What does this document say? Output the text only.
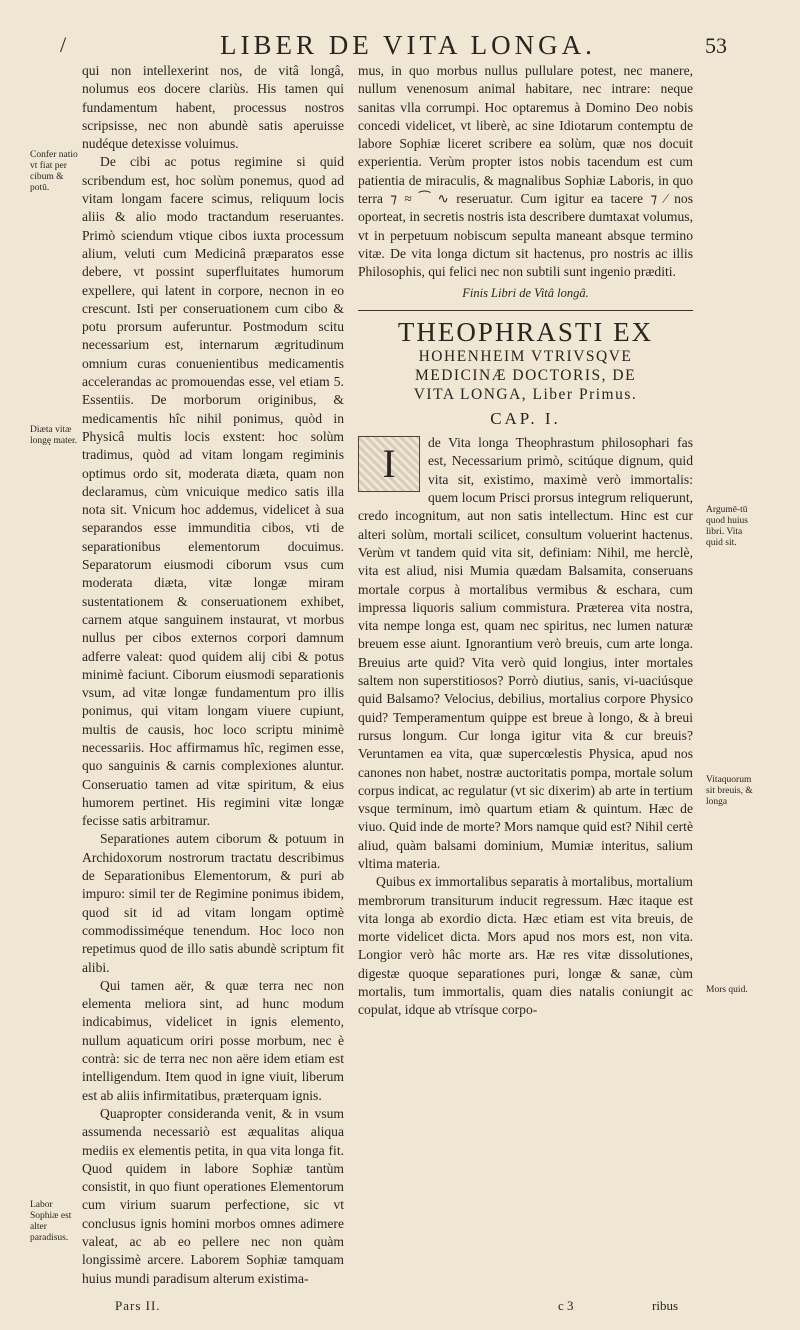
/	LIBER DE VITA LONGA.	53
Confer natio vt fiat per cibum & potū.
Diæta vitæ longę mater.
Labor Sophiæ est alter paradisus.

qui non intellexerint nos, de vitâ longâ, nolumus eos docere clariùs. His tamen qui fundamentum habent, processus nostros scripsisse, nec non abundè satis aperuisse nudéque detexisse voluimus.

De cibi ac potus regimine si quid scribendum est, hoc solùm ponemus, quod ad vitam longam facere scimus, reliquum locis aliis & alio modo tractandum reseruantes. Primò sciendum vtique cibos iuxta processum alium, veluti cum Medicinâ præparatos esse debere, vt possint superfluitates humorum expellere, qui latent in corpore, necnon in eo crescunt. Isti per conseruationem cum cibo & potu prorsum auferuntur. Postmodum scitu necessarium est, internarum ægritudinum omnium curas conuenientibus medicamentis accelerandas ac promouendas esse, vel etiam 5. Essentiis. De morborum originibus, & medicamentis hîc nihil ponimus, quòd in Physicâ multis locis exstent: hoc solùm tradimus, quòd ad vitam longam regiminis optimus ordo sit, moderata diæta, quam non declaramus, cùm vnicuique medico satis illa nota sit. Vnicum hoc addemus, videlicet à sua separandos esse immunditia cibos, vti de separationibus elementorum docuimus. Separatorum eiusmodi ciborum vsus cum moderata diæta, vitæ longæ miram sustentationem & conseruationem exhibet, carnem atque sanguinem instaurat, vt morbus nullus per cibos externos corpori damnum adferre valeat: quod quidem alij cibi & potus minimè faciunt. Ciborum eiusmodi separationis vsum, ad vitæ longæ fundamentum pro illis ponimus, qui vitam longam viuere cupiunt, multis de causis, hoc loco scriptu minimè necessariis. Hoc affirmamus hîc, regimen esse, quo sanguinis & carnis complexiones aluntur. Conseruatio tamen ad vitæ spiritum, & eius humorem pertinet. His regimini vitæ longæ fecisse satis arbitramur.

Separationes autem ciborum & potuum in Archidoxorum nostrorum tractatu describimus de Separationibus Elementorum, & puri ab impuro: simil ter de Regimine ponimus ibidem, quod sit id ad vitam longam optimè commodissiméque tenendum. Hoc loco non repetimus quod de illo satis abundè scriptum fit alibi.

Qui tamen aër, & quæ terra nec non elementa meliora sint, ad hunc modum indicabimus, videlicet in ignis elemento, nullum aquaticum oriri posse morbum, nec è contrà: sic de terra nec non aëre idem etiam est intelligendum. Item quod in igne viuit, liberum est ab aliis infirmitatibus, præterquam ignis.

Quapropter considerandа venit, & in vsum assumenda necessariò est æqualitas aliqua mediis ex elementis petita, in qua vita longa fit. Quod quidem in labore Sophiæ tantùm consistit, in quo fiunt operationes Elementorum cum virium suarum perfectione, sic vt conclusus ignis homini morbos omnes adimere valeat, ac ab eo pellere nec non quàm longissimè arcere. Laborem Sophiæ tamquam huius mundi paradisum alterum existima-

mus, in quo morbus nullus pullulare potest, nec manere, nullum venenosum animal habitare, nec intrare: neque sanitas vlla corrumpi. Hoc optaremus à Domino Deo nobis concedi videlicet, vt liberè, ac sine Idiotarum contemptu de labore Sophiæ liceret scribere ea solùm, quæ nos docuit experientia. Verùm propter istos nobis tacendum est cum patientia de miraculis, & magnalibus Sophiæ Laboris, in quo terra ⁊ ≈ ⁀ ∿ reseruatur. Cum igitur ea tacere ⁊ ⁄ nos oporteat, in secretis nostris ista describere dumtaxat volumus, vt in perpetuum nobiscum sepulta maneant absque termino vitæ. De vita longa dictum sit hactenus, pro nostris ac illis Philosophis, qui felici nec non subtili sunt ingenio præditi.

Finis Libri de Vitâ longâ.
THEOPHRASTI EX
HOHENHEIM VTRIVSQVE
MEDICINÆ DOCTORIS, DE
VITA LONGA, Liber Primus.
CAP. I.
I	de Vita longa Theophrastum philosophari fas est, Necessarium primò, scitúque dignum, quid vita sit, existimo, maximè verò immortalis: quem locum Prisci prorsus integrum reliquerunt, credo incognitum, aut non satis intellectum. Hinc est cur alteri solùm, mortali scilicet, consultum voluerint hactenus. Verùm vt tandem quid vita sit, definiam: Nihil, me herclè, vita est aliud, nisi Mumia quædam Balsamita, conseruans mortale corpus à mortalibus vermibus & eschara, cum impressa liquoris salium commistura. Præterea vita nostra, vita nempe longa est, quam nec spiritus, nec lumen naturæ breuem esse aiunt. Ignorantium verò breuis, cum arte longa. Breuius arte quid? Vita verò quid longius, inter mortales saltem non superstitiosos? Porrò diutius, sanis, vi-uaciúsque quid Balsamo? Velocius, debilius, mortalius corpore Physico quid? Temperamentum quippe est breue à longo, & à breui rursus longum. Cur longa igitur vita & cur breuis? Veruntamen ea vita, quæ supercœlestis Physica, apud nos canones non habet, nostræ auctoritatis pompa, mortale solum corpus indicat, ac regulatur (vt sic dixerim) ab arte in tertium vsque terminum, imò quartum etiam & quintum. Hæc de viuo. Quid inde de morte? Mors namque quid est? Nihil certè aliud, quàm balsami dominium, Mumiæ interitus, salium vltima materia.

Quibus ex immortalibus separatis à mortalibus, mortalium membrorum transiturum inducit regressum. Hæc itaque est vita longa ab exordio dicta. Hæc etiam est vita breuis, de morte videlicet dicta. Mors apud nos mors est, non vita. Longior verò hâc morte ars. Hæ res vitæ dissolutiones, digestæ quoque separationes puri, longæ & sanæ, cùm mortalis, tum immortalis, quam dies natalis coniungit ac copulat, idque ab vtrísque corpo-

Argumē-tū quod huius libri. Vita quid sit.
Vitaquorum sit breuis, & longa
Mors quid.
Pars II.	c 3	ribus
